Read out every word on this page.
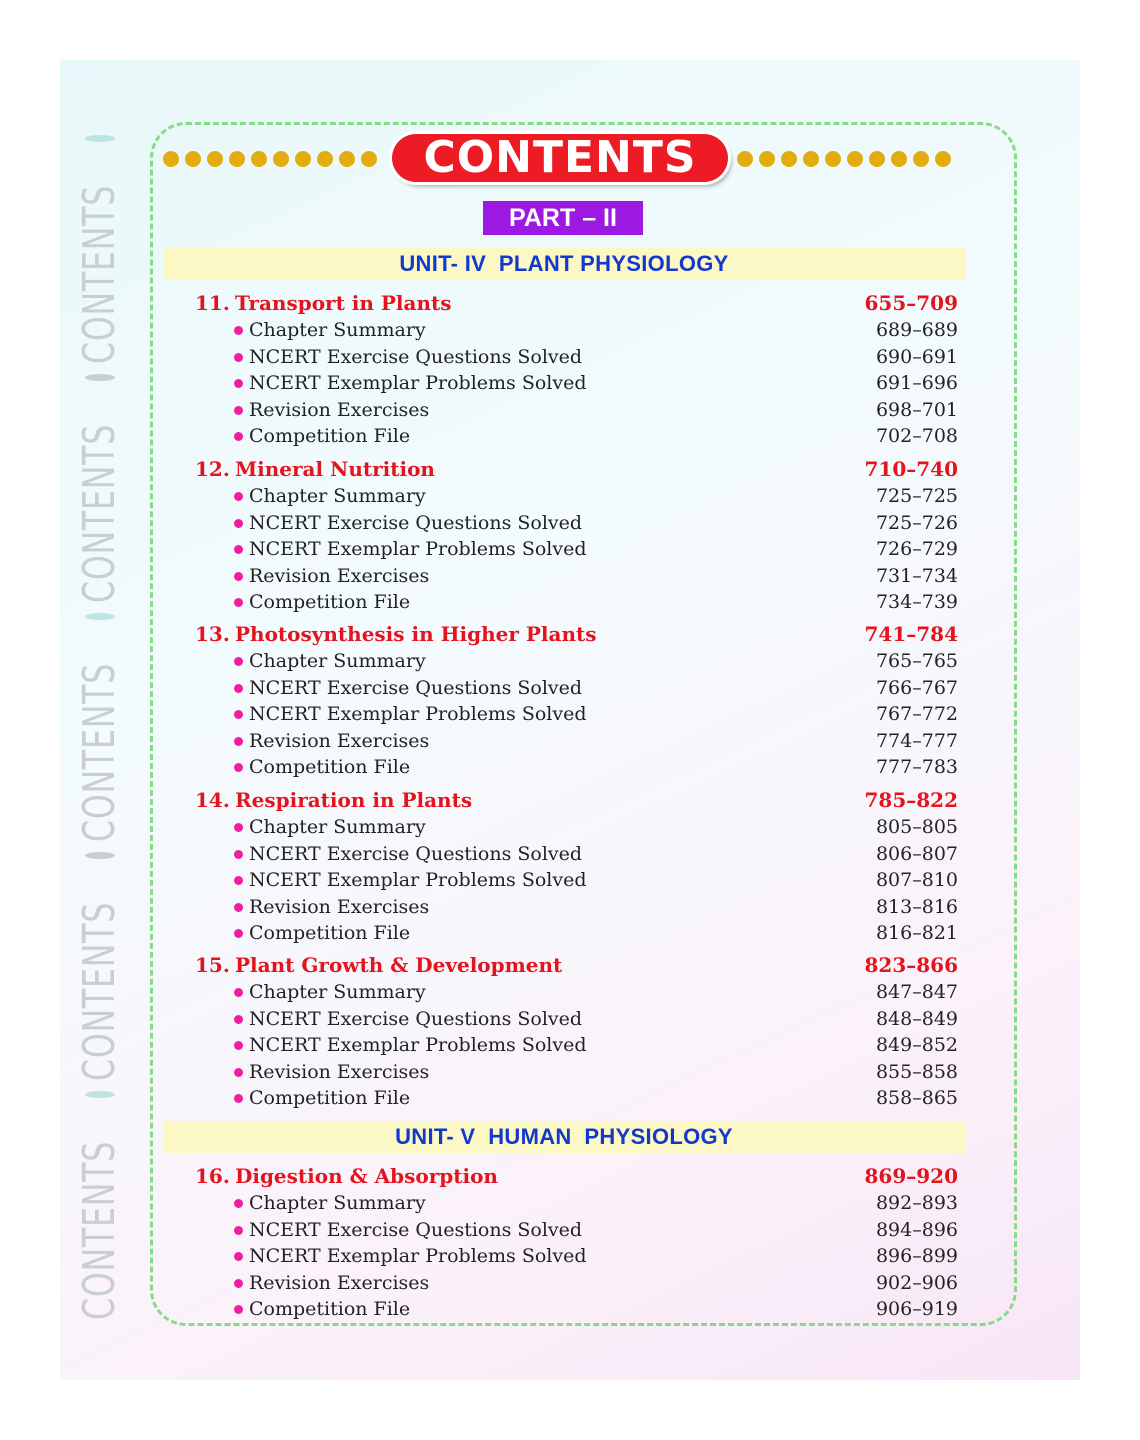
CONTENTS
CONTENTS
CONTENTS
CONTENTS
CONTENTS
CONTENTS
PART – II
UNIT- IV  PLANT PHYSIOLOGY
11. Transport in Plants	655–709
Chapter Summary	689–689
NCERT Exercise Questions Solved	690–691
NCERT Exemplar Problems Solved	691–696
Revision Exercises	698–701
Competition File	702–708
12. Mineral Nutrition	710–740
Chapter Summary	725–725
NCERT Exercise Questions Solved	725–726
NCERT Exemplar Problems Solved	726–729
Revision Exercises	731–734
Competition File	734–739
13. Photosynthesis in Higher Plants	741–784
Chapter Summary	765–765
NCERT Exercise Questions Solved	766–767
NCERT Exemplar Problems Solved	767–772
Revision Exercises	774–777
Competition File	777–783
14. Respiration in Plants	785–822
Chapter Summary	805–805
NCERT Exercise Questions Solved	806–807
NCERT Exemplar Problems Solved	807–810
Revision Exercises	813–816
Competition File	816–821
15. Plant Growth & Development	823–866
Chapter Summary	847–847
NCERT Exercise Questions Solved	848–849
NCERT Exemplar Problems Solved	849–852
Revision Exercises	855–858
Competition File	858–865
UNIT- V  HUMAN  PHYSIOLOGY
16. Digestion & Absorption	869–920
Chapter Summary	892–893
NCERT Exercise Questions Solved	894–896
NCERT Exemplar Problems Solved	896–899
Revision Exercises	902–906
Competition File	906–919
